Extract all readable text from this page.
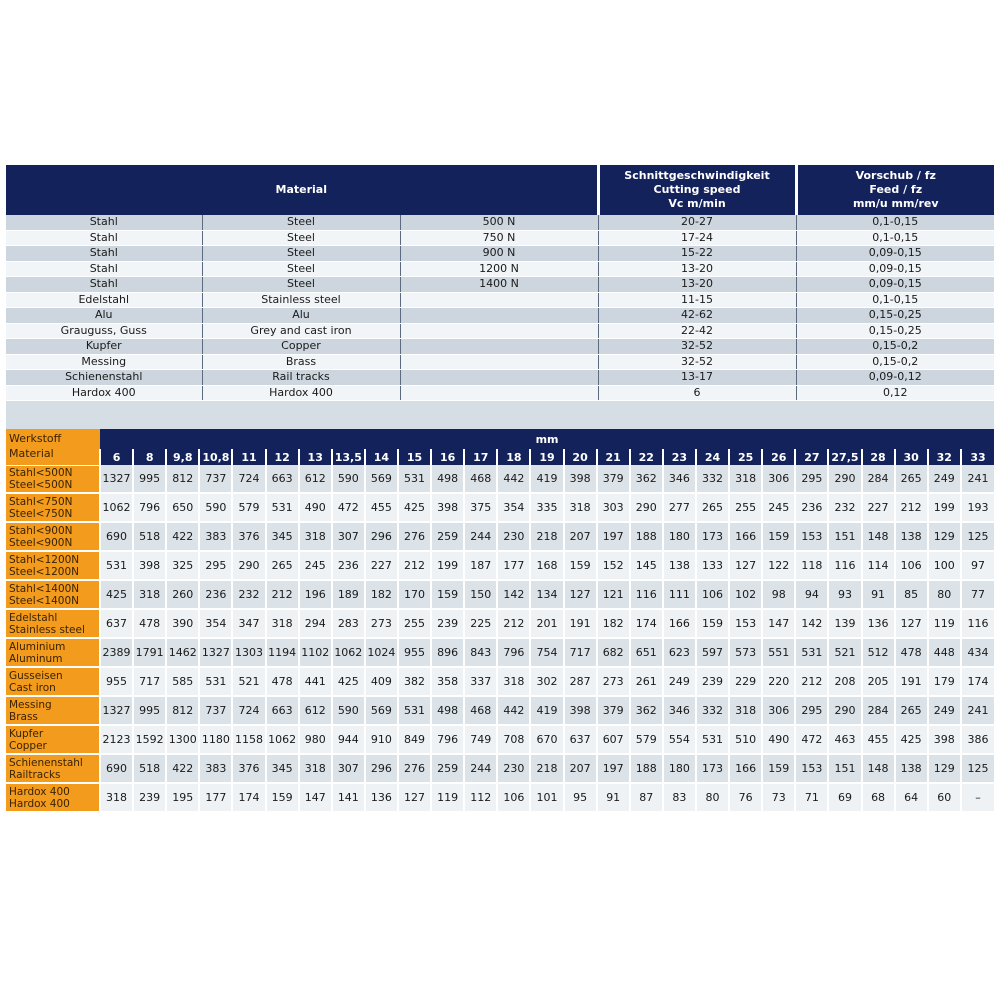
Material			Schnittgeschwindigkeit
Cutting speed
Vc m/min	Vorschub / fz
Feed / fz
mm/u mm/rev

Stahl	Steel	500 N	20-27	0,1-0,15
Stahl	Steel	750 N	17-24	0,1-0,15
Stahl	Steel	900 N	15-22	0,09-0,15
Stahl	Steel	1200 N	13-20	0,09-0,15
Stahl	Steel	1400 N	13-20	0,09-0,15
Edelstahl	Stainless steel		11-15	0,1-0,15
Alu	Alu		42-62	0,15-0,25
Grauguss, Guss	Grey and cast iron		22-42	0,15-0,25
Kupfer	Copper		32-52	0,15-0,2
Messing	Brass		32-52	0,15-0,2
Schienenstahl	Rail tracks		13-17	0,09-0,12
Hardox 400	Hardox 400		6	0,12
Werkstoff
Material	mm																										
	6	8	9,8	10,8	11	12	13	13,5	14	15	16	17	18	19	20	21	22	23	24	25	26	27	27,5	28	30	32	33

Stahl<500N
Steel<500N	1327	995	812	737	724	663	612	590	569	531	498	468	442	419	398	379	362	346	332	318	306	295	290	284	265	249	241

Stahl<750N
Steel<750N	1062	796	650	590	579	531	490	472	455	425	398	375	354	335	318	303	290	277	265	255	245	236	232	227	212	199	193

Stahl<900N
Steel<900N	690	518	422	383	376	345	318	307	296	276	259	244	230	218	207	197	188	180	173	166	159	153	151	148	138	129	125

Stahl<1200N
Steel<1200N	531	398	325	295	290	265	245	236	227	212	199	187	177	168	159	152	145	138	133	127	122	118	116	114	106	100	97

Stahl<1400N
Steel<1400N	425	318	260	236	232	212	196	189	182	170	159	150	142	134	127	121	116	111	106	102	98	94	93	91	85	80	77

Edelstahl
Stainless steel	637	478	390	354	347	318	294	283	273	255	239	225	212	201	191	182	174	166	159	153	147	142	139	136	127	119	116

Aluminium
Aluminum	2389	1791	1462	1327	1303	1194	1102	1062	1024	955	896	843	796	754	717	682	651	623	597	573	551	531	521	512	478	448	434

Gusseisen
Cast iron	955	717	585	531	521	478	441	425	409	382	358	337	318	302	287	273	261	249	239	229	220	212	208	205	191	179	174

Messing
Brass	1327	995	812	737	724	663	612	590	569	531	498	468	442	419	398	379	362	346	332	318	306	295	290	284	265	249	241

Kupfer
Copper	2123	1592	1300	1180	1158	1062	980	944	910	849	796	749	708	670	637	607	579	554	531	510	490	472	463	455	425	398	386

Schienenstahl
Railtracks	690	518	422	383	376	345	318	307	296	276	259	244	230	218	207	197	188	180	173	166	159	153	151	148	138	129	125

Hardox 400
Hardox 400	318	239	195	177	174	159	147	141	136	127	119	112	106	101	95	91	87	83	80	76	73	71	69	68	64	60	–
